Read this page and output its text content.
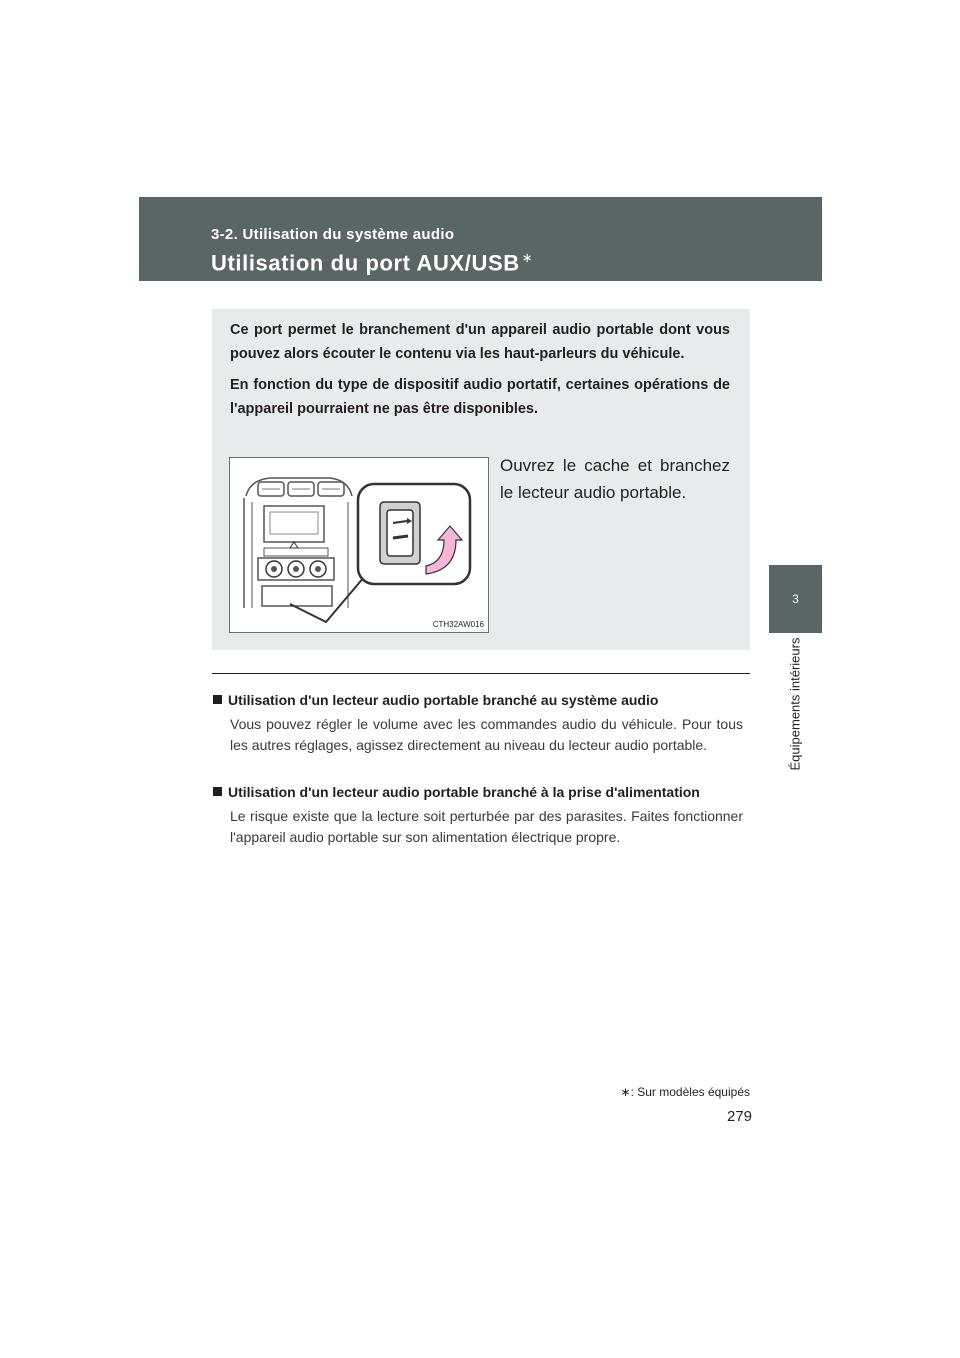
3-2. Utilisation du système audio
Utilisation du port AUX/USB ∗
3
Équipements intérieurs

Ce port permet le branchement d'un appareil audio portable dont vous pouvez alors écouter le contenu via les haut-parleurs du véhicule.

En fonction du type de dispositif audio portatif, certaines opérations de l'appareil pourraient ne pas être disponibles.

CTH32AW016
Ouvrez le cache et branchez le lecteur audio portable.
Utilisation d'un lecteur audio portable branché au système audio
Vous pouvez régler le volume avec les commandes audio du véhicule. Pour tous les autres réglages, agissez directement au niveau du lecteur audio portable.
Utilisation d'un lecteur audio portable branché à la prise d'alimentation
Le risque existe que la lecture soit perturbée par des parasites. Faites fonctionner l'appareil audio portable sur son alimentation électrique propre.
∗: Sur modèles équipés
279
